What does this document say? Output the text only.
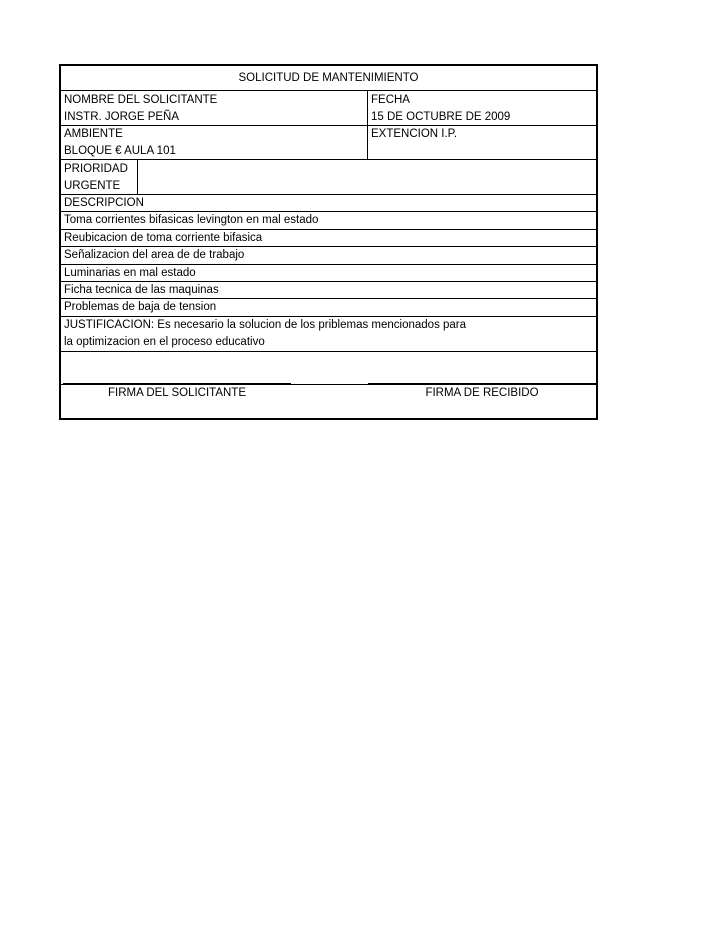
SOLICITUD DE MANTENIMIENTO
NOMBRE DEL SOLICITANTE
INSTR. JORGE PEÑA
FECHA
15 DE OCTUBRE DE 2009
AMBIENTE
BLOQUE € AULA 101
EXTENCION I.P.
PRIORIDAD
URGENTE
DESCRIPCION
Toma corrientes bifasicas levington en mal estado
Reubicacion de toma corriente bifasica
Señalizacion del area de de trabajo
Luminarias en mal estado
Ficha tecnica de las maquinas
Problemas de baja de tension
JUSTIFICACION: Es necesario la solucion de los priblemas mencionados para
la optimizacion en el proceso educativo
FIRMA DEL SOLICITANTE	FIRMA DE RECIBIDO
